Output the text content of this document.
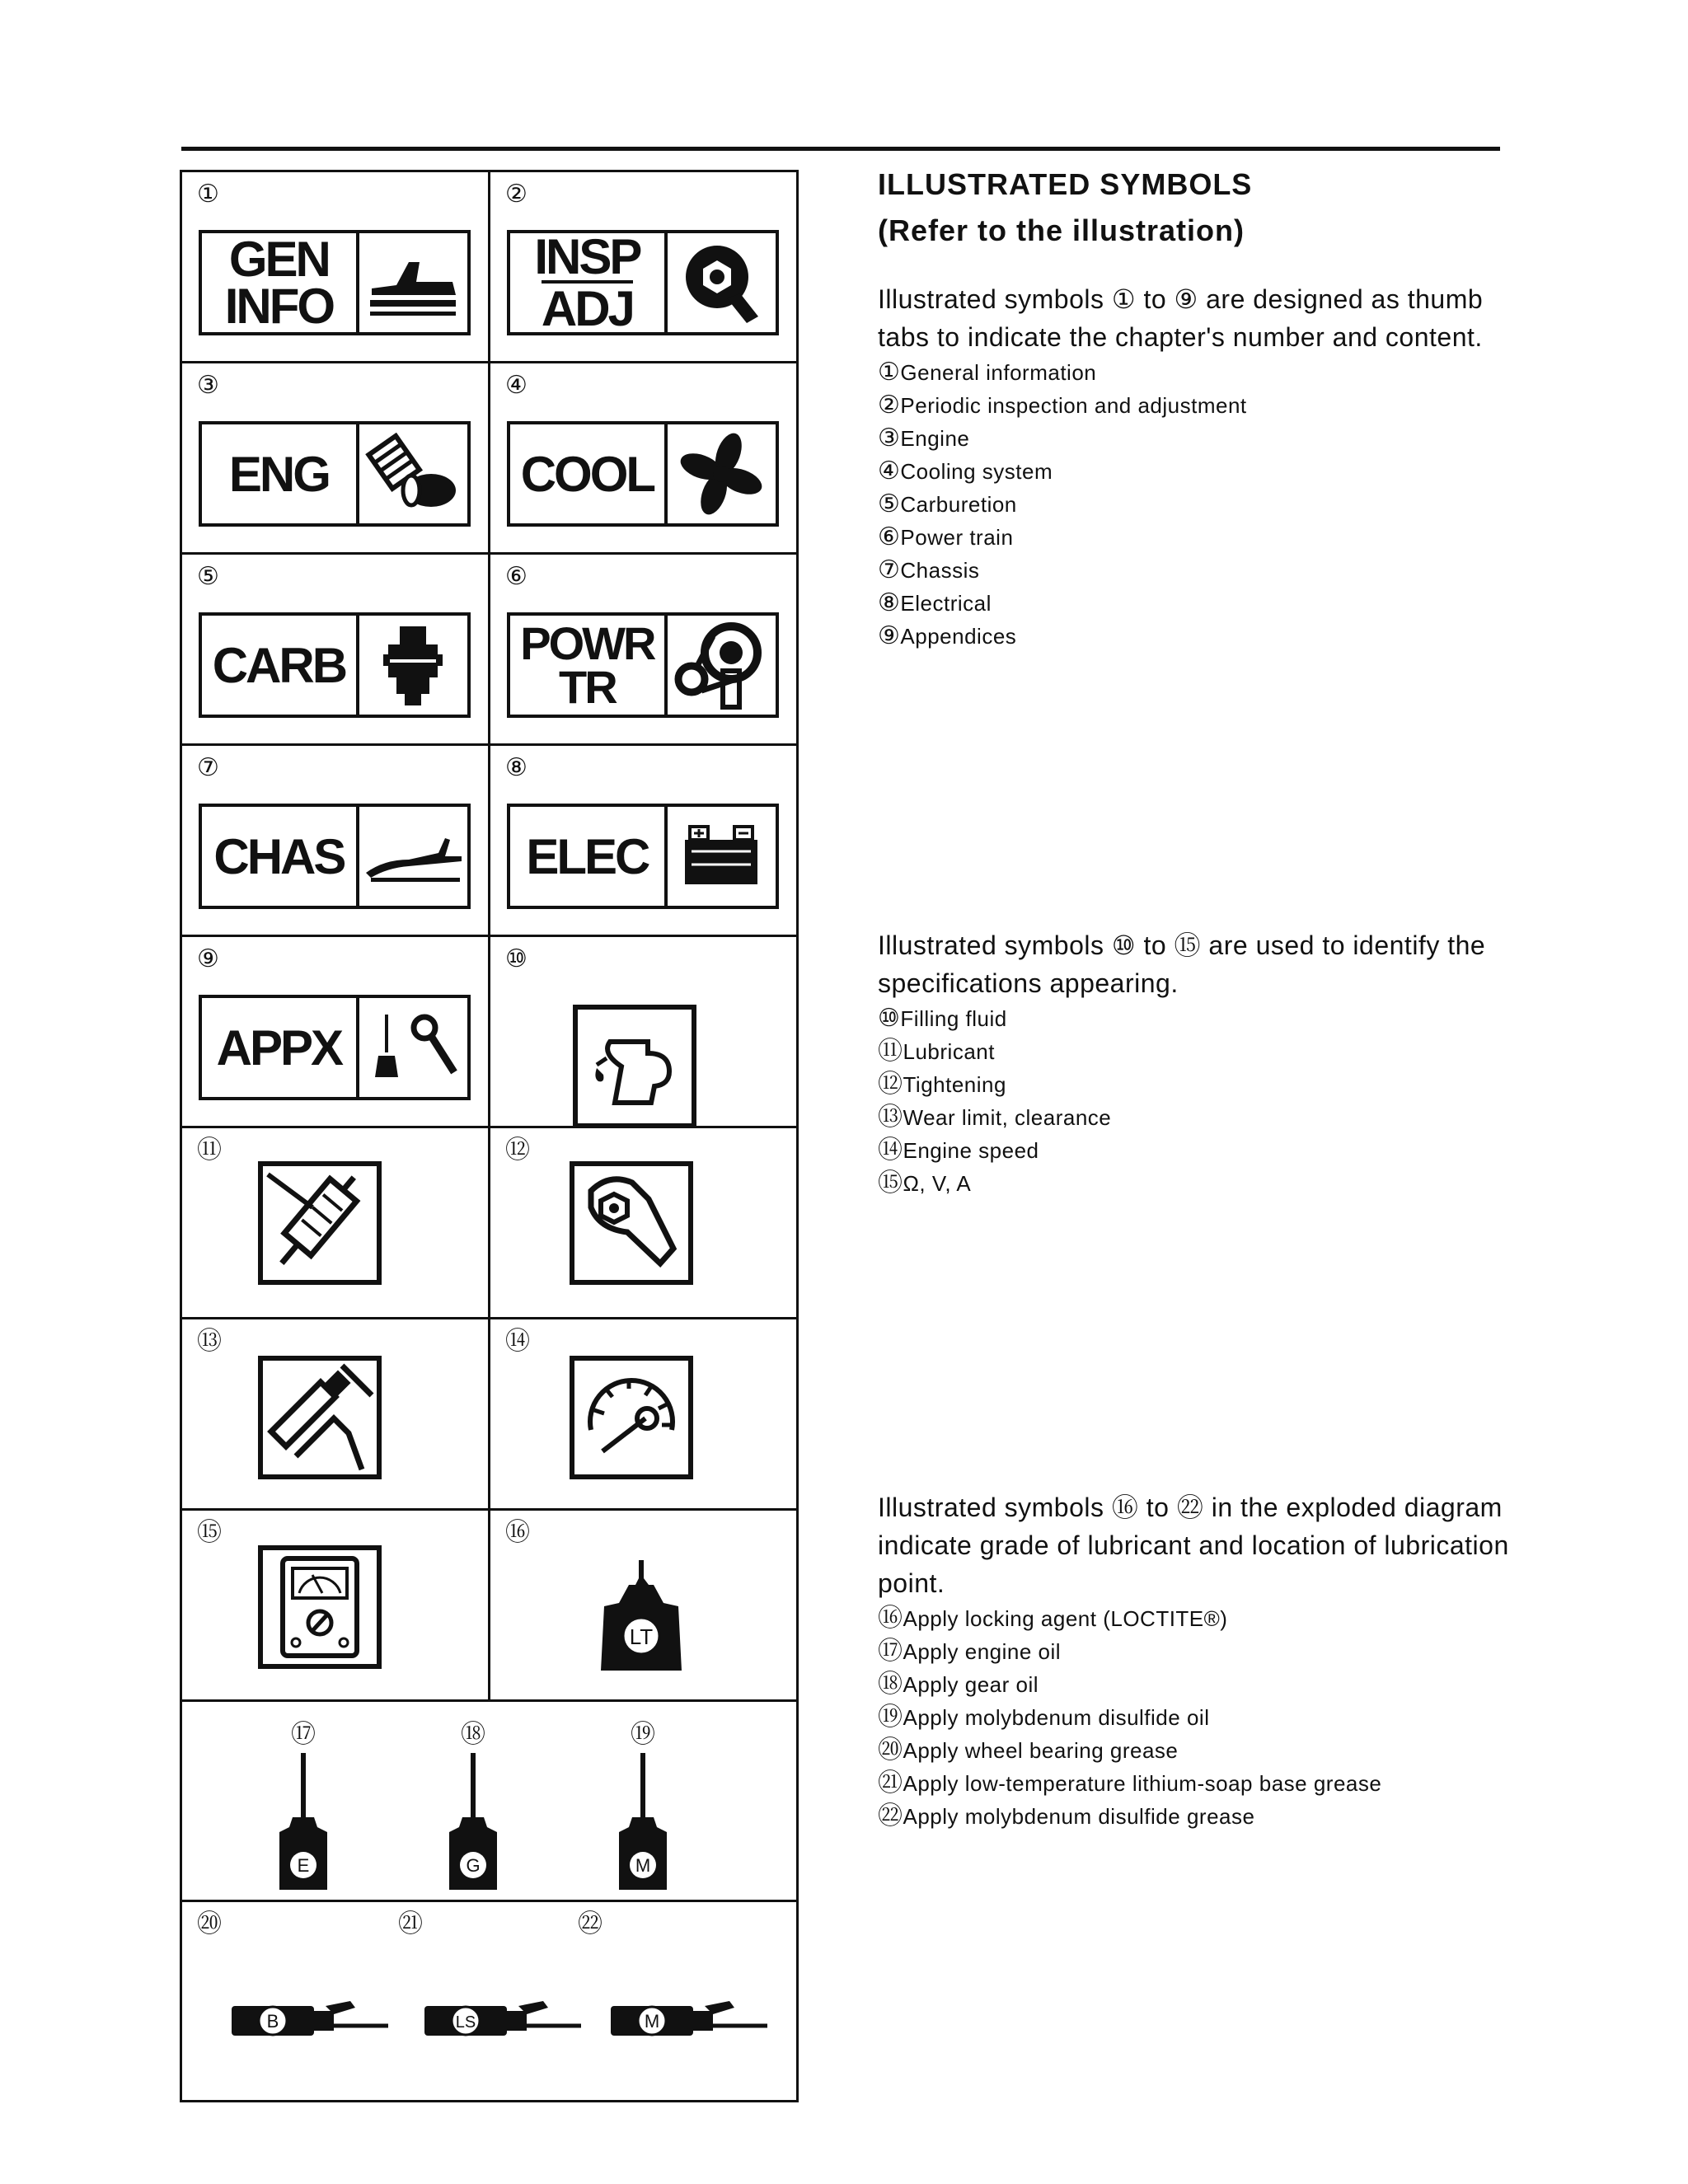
①
GEN
INFO
②
INSP
ADJ
③
ENG
④
COOL
⑤
CARB
⑥
POWR
TR
⑦
CHAS
⑧
ELEC
⑨
APPX
⑩
⑪	⑫
⑬	⑭
⑮	⑯
LT
⑰
E
⑱
G
⑲
M
⑳	㉑	㉒
B	LS	M
ILLUSTRATED SYMBOLS
(Refer to the illustration)
Illustrated symbols ① to ⑨ are designed as thumb tabs to indicate the chapter's number and content.
①General information
②Periodic inspection and adjustment
③Engine
④Cooling system
⑤Carburetion
⑥Power train
⑦Chassis
⑧Electrical
⑨Appendices
Illustrated symbols ⑩ to ⑮ are used to identify the specifications appearing.
⑩Filling fluid
⑪Lubricant
⑫Tightening
⑬Wear limit, clearance
⑭Engine speed
⑮Ω, V, A
Illustrated symbols ⑯ to ㉒ in the exploded diagram indicate grade of lubricant and location of lubrication point.
⑯Apply locking agent (LOCTITE®)
⑰Apply engine oil
⑱Apply gear oil
⑲Apply molybdenum disulfide oil
⑳Apply wheel bearing grease
㉑Apply low-temperature lithium-soap base grease
㉒Apply molybdenum disulfide grease
